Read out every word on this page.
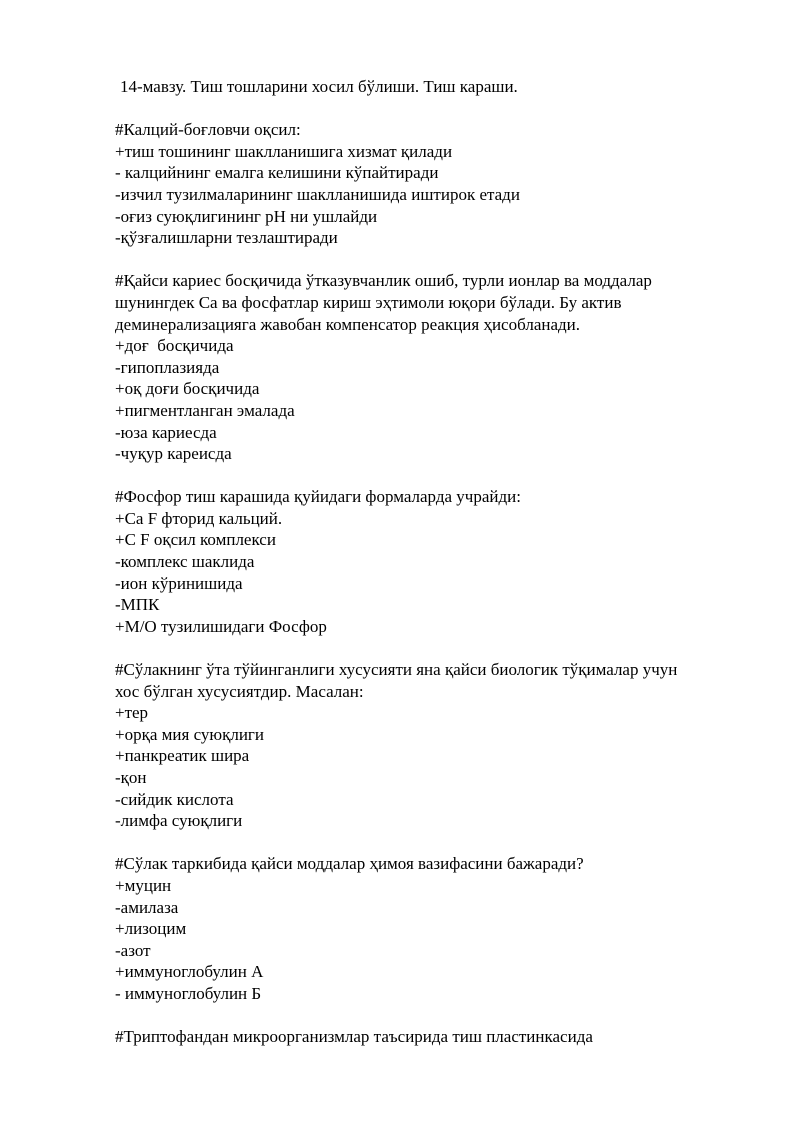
14-мавзу. Тиш тошларини хосил бўлиши. Тиш караши.

#Калций-боғловчи оқсил:
+тиш тошининг шаклланишига хизмат қилади
- калцийнинг емалга келишини кўпайтиради
-изчил тузилмаларининг шаклланишида иштирок етади
-оғиз суюқлигининг pH ни ушлайди
-қўзғалишларни тезлаштиради
#Қайси кариес босқичида ўтказувчанлик ошиб, турли ионлар ва моддалар
шунингдек Са ва фосфатлар кириш эҳтимоли юқори бўлади. Бу актив
деминерализацияга жавобан компенсатор реакция ҳисобланади.
+доғ  босқичида
-гипоплазияда
+оқ доғи босқичида
+пигментланган эмалада
-юза кариесда
-чуқур кареисда
#Фосфор тиш карашида қуйидаги формаларда учрайди:
+Ca F фторид кальций.
+С F оқсил комплекси
-комплекс шаклида
-ион кўринишида
-МПК
+М/О тузилишидаги Фосфор
#Сўлакнинг ўта тўйинганлиги хусусияти яна қайси биологик тўқималар учун
хос бўлган хусусиятдир. Масалан:
+тер
+орқа мия суюқлиги
+панкреатик шира
-қон
-сийдик кислота
-лимфа суюқлиги
#Сўлак таркибида қайси моддалар ҳимоя вазифасини бажаради?
+муцин
-амилаза
+лизоцим
-азот
+иммуноглобулин А
- иммуноглобулин Б
#Триптофандан микроорганизмлар таъсирида тиш пластинкасида
